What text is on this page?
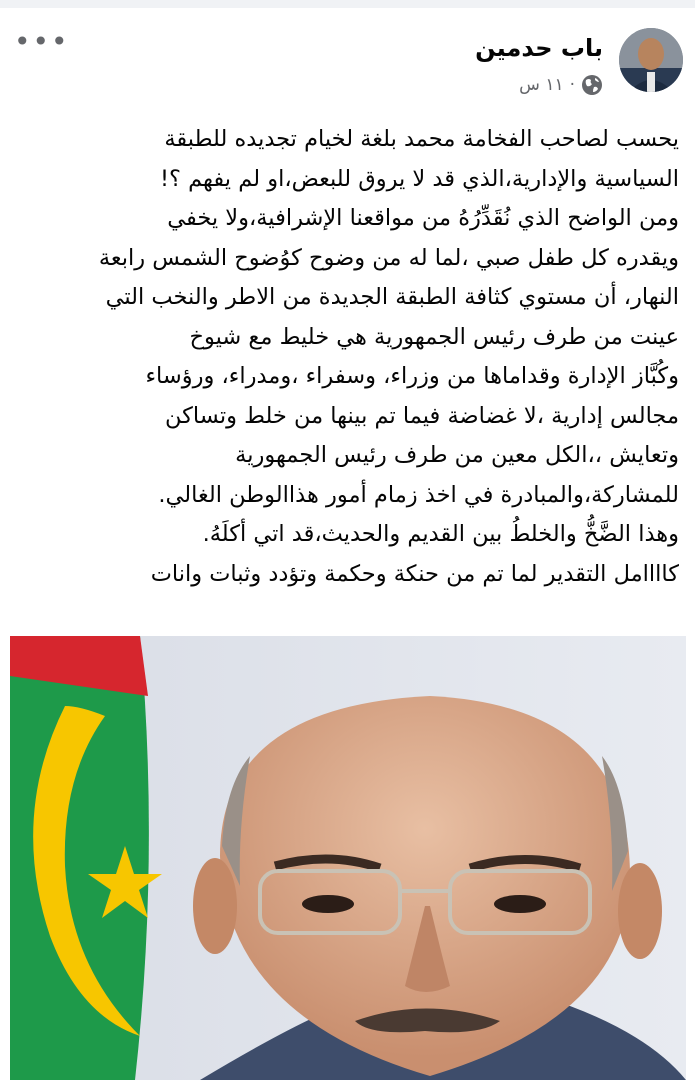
باب حدمين
١١ س ·
•••

يحسب لصاحب الفخامة محمد بلغة لخيام تجديده للطبقة

السياسية والإدارية،الذي قد لا يروق للبعض،او لم يفهم ؟!

ومن الواضح الذي نُقَدِّرُهُ من مواقعنا الإشرافية،ولا يخفي

ويقدره كل طفل صبي ،لما له من وضوح كوُضوح الشمس رابعة

النهار، أن مستوي كثافة الطبقة الجديدة من الاطر والنخب التي

عينت من طرف رئيس الجمهورية هي خليط مع شيوخ

وكُبَّاز الإدارة وقداماها من وزراء، وسفراء ،ومدراء، ورؤساء

مجالس إدارية ،لا غضاضة فيما تم بينها من خلط وتساكن

وتعايش ،،الكل معين من طرف رئيس الجمهورية

للمشاركة،والمبادرة في اخذ زمام أمور هذاالوطن الغالي.

وهذا الضَّخُّ والخلطُ بين القديم والحديث،قد اتي أكلَهُ.

كاااامل التقدير لما تم من حنكة وحكمة وتؤدد وثبات وانات
